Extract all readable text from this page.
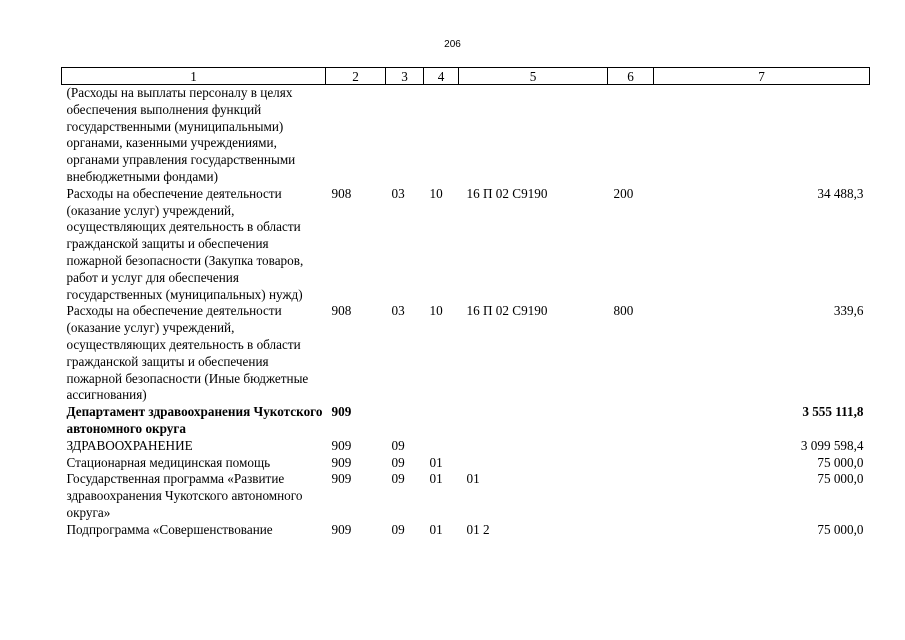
206
1	2	3	4	5	6	7
(Расходы на выплаты персоналу в целях обеспечения выполнения функций государственными (муниципальными) органами, казенными учреждениями, органами управления государственными внебюджетными фондами)						
Расходы на обеспечение деятельности (оказание услуг) учреждений, осуществляющих деятельность в области гражданской защиты и обеспечения пожарной безопасности (Закупка товаров, работ и услуг для обеспечения государственных (муниципальных) нужд)	908	03	10	16 П 02 С9190	200	34 488,3
Расходы на обеспечение деятельности (оказание услуг) учреждений, осуществляющих деятельность в области гражданской защиты и обеспечения пожарной безопасности (Иные бюджетные ассигнования)	908	03	10	16 П 02 С9190	800	339,6
Департамент здравоохранения Чукотского автономного округа	909					3 555 111,8
ЗДРАВООХРАНЕНИЕ	909	09				3 099 598,4
Стационарная медицинская помощь	909	09	01			75 000,0
Государственная программа «Развитие здравоохранения Чукотского автономного округа»	909	09	01	01		75 000,0
Подпрограмма «Совершенствование	909	09	01	01 2		75 000,0
